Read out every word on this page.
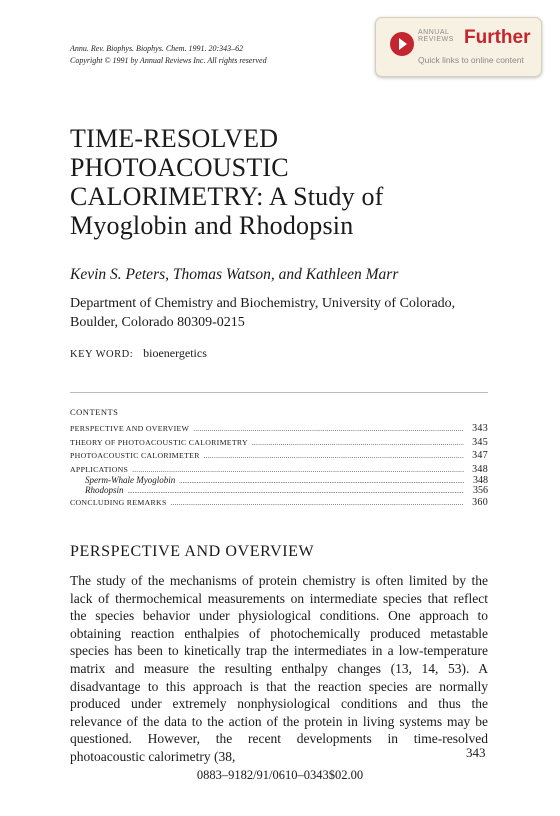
Annu. Rev. Biophys. Biophys. Chem. 1991. 20:343–62
Copyright © 1991 by Annual Reviews Inc. All rights reserved
ANNUAL
REVIEWS Further
Quick links to online content
TIME-RESOLVED
PHOTOACOUSTIC
CALORIMETRY: A Study of
Myoglobin and Rhodopsin
Kevin S. Peters, Thomas Watson, and Kathleen Marr
Department of Chemistry and Biochemistry, University of Colorado,
Boulder, Colorado 80309-0215
KEY WORD: bioenergetics
CONTENTS
PERSPECTIVE AND OVERVIEW .....	343
THEORY OF PHOTOACOUSTIC CALORIMETRY .....	345
PHOTOACOUSTIC CALORIMETER .....	347
APPLICATIONS .....	348
Sperm-Whale Myoglobin .....	348
Rhodopsin .....	356
CONCLUDING REMARKS .....	360
PERSPECTIVE AND OVERVIEW
The study of the mechanisms of protein chemistry is often limited by the lack of thermochemical measurements on intermediate species that reflect the species behavior under physiological conditions. One approach to obtaining reaction enthalpies of photochemically produced metastable species has been to kinetically trap the intermediates in a low-temperature matrix and measure the resulting enthalpy changes (13, 14, 53). A disadvantage to this approach is that the reaction species are normally produced under extremely nonphysiological conditions and thus the relevance of the data to the action of the protein in living systems may be questioned. However, the recent developments in time-resolved photoacoustic calorimetry (38,	343
0883–9182/91/0610–0343$02.00
